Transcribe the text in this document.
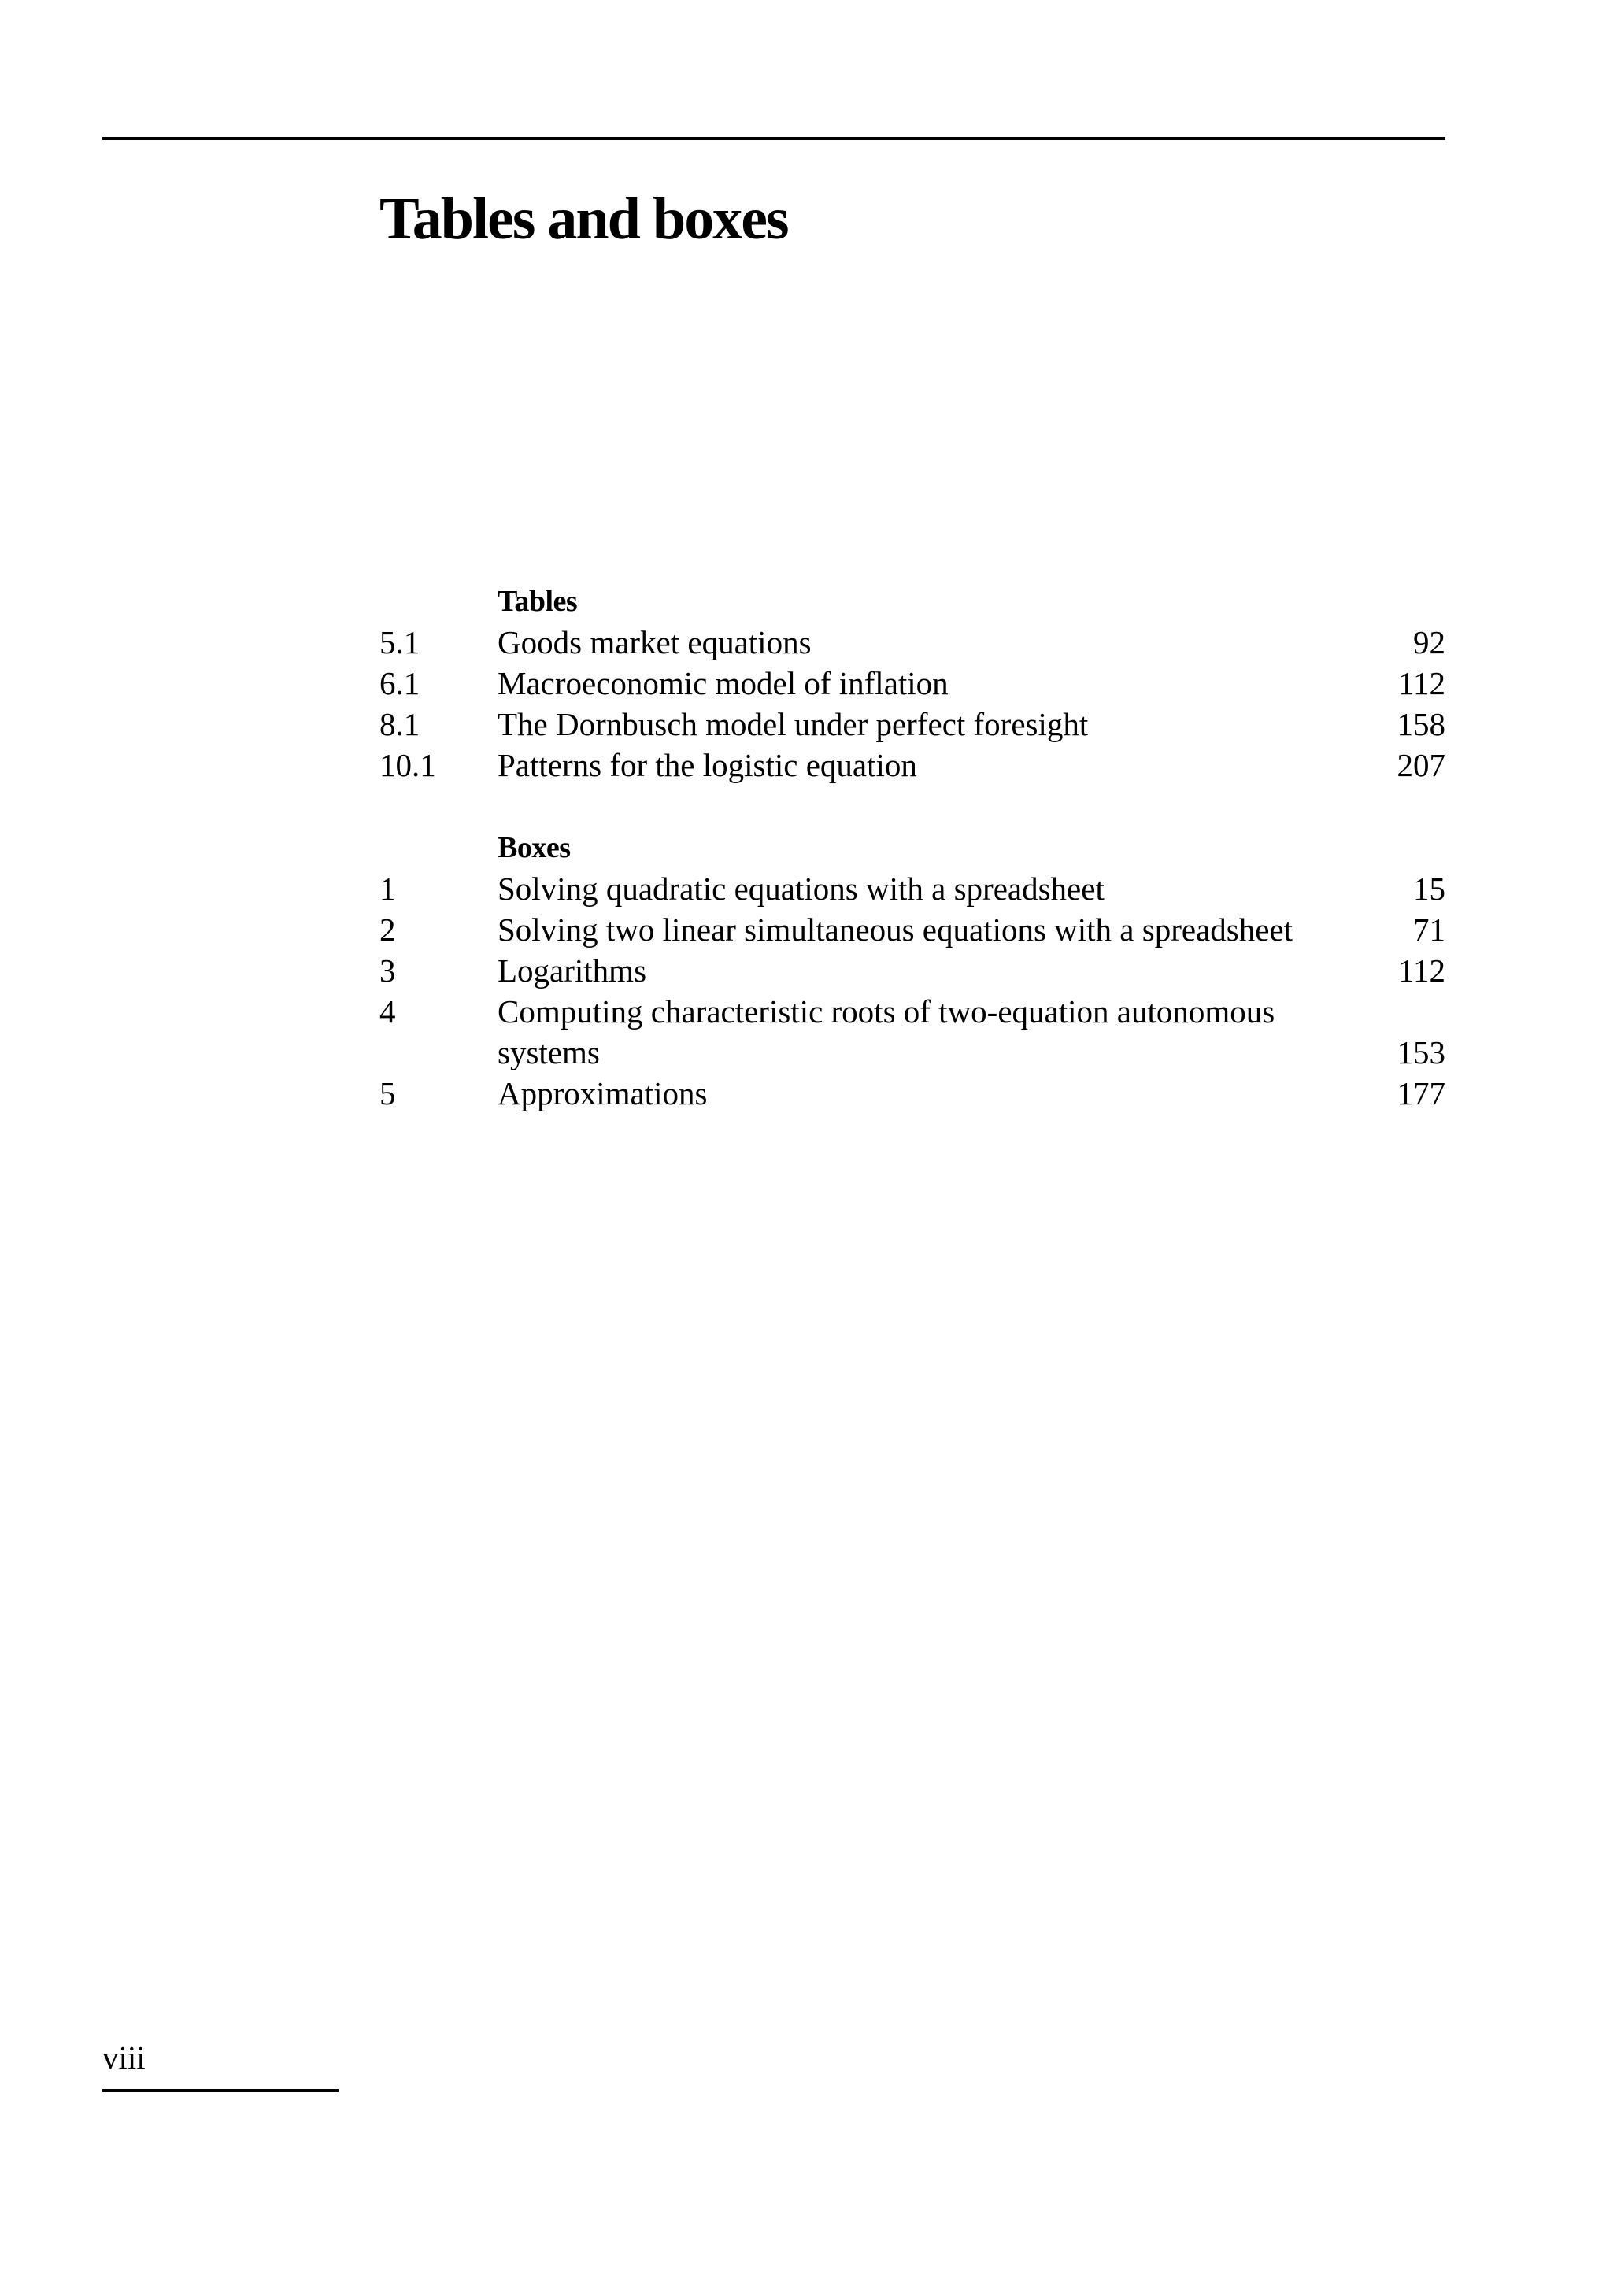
Tables and boxes
Tables
5.1	Goods market equations	92
6.1	Macroeconomic model of inflation	112
8.1	The Dornbusch model under perfect foresight	158
10.1	Patterns for the logistic equation	207
Boxes
1	Solving quadratic equations with a spreadsheet	15
2	Solving two linear simultaneous equations with a spreadsheet	71
3	Logarithms	112
4	Computing characteristic roots of two-equation autonomous systems	153
5	Approximations	177
viii
